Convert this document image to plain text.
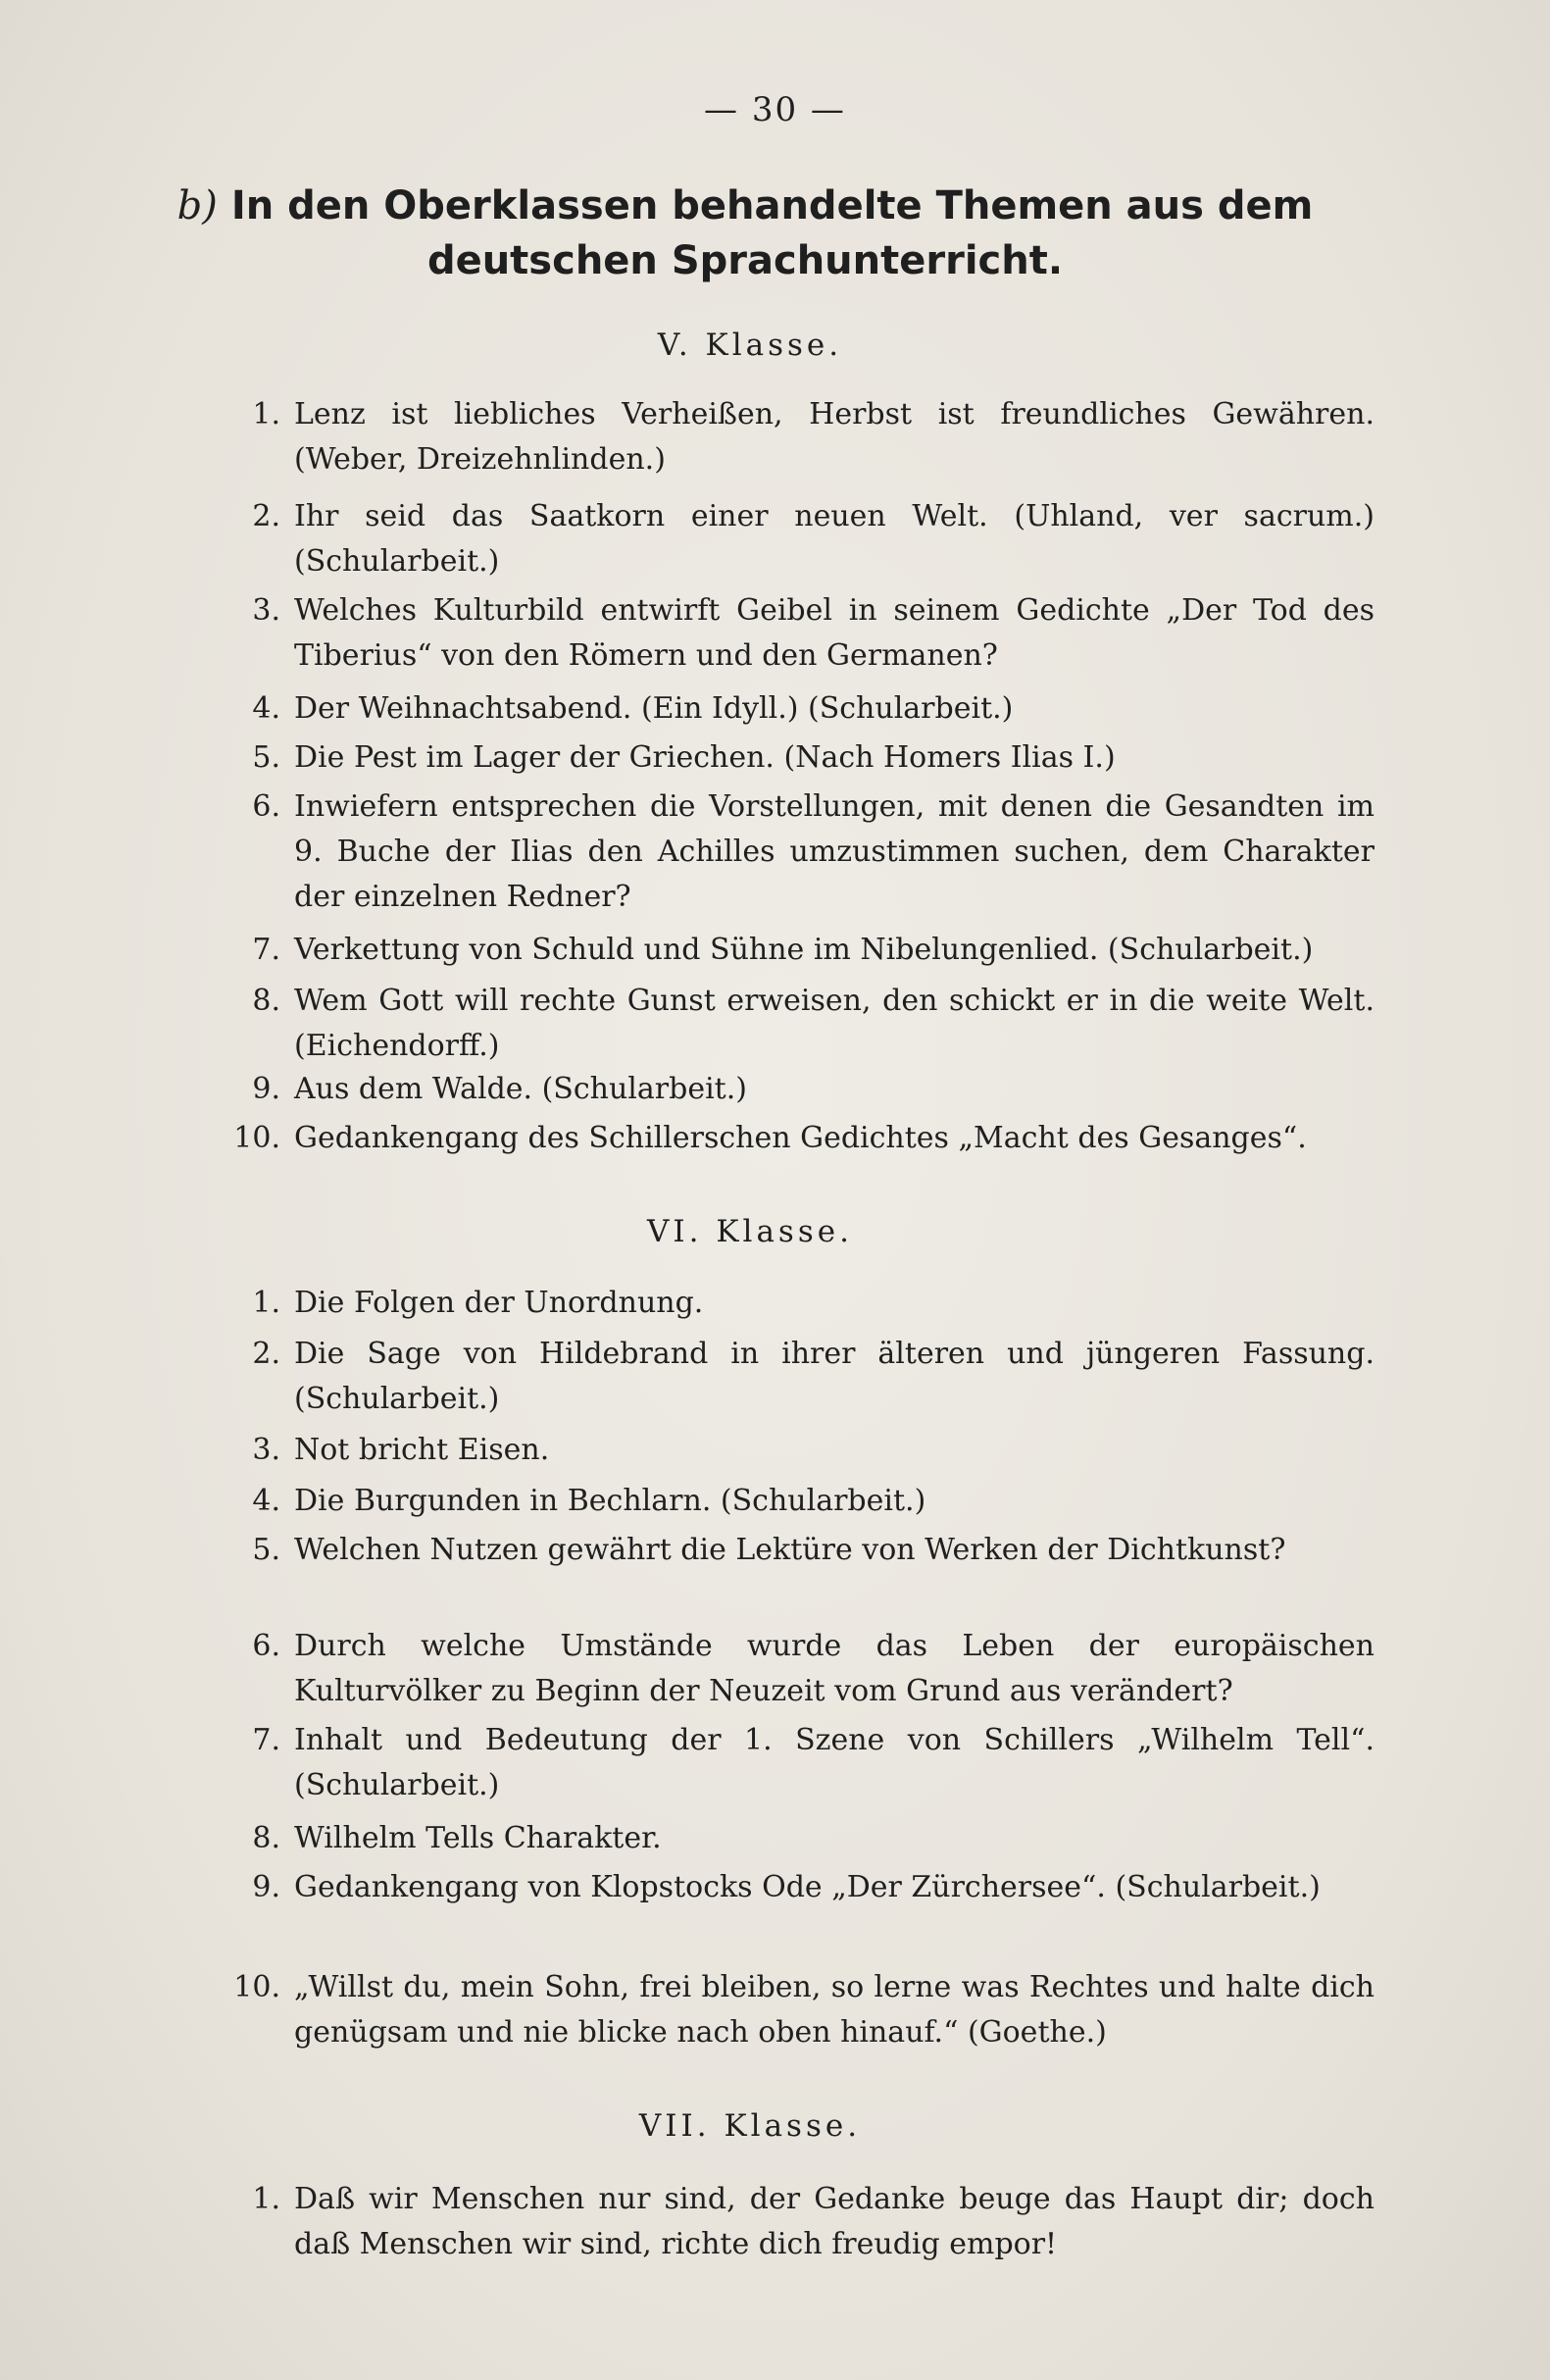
— 30 —
b) In den Oberklassen behandelte Themen aus dem deutschen Sprachunterricht.
V. Klasse.
1. Lenz ist liebliches Verheißen, Herbst ist freundliches Gewähren. (Weber, Dreizehnlinden.)
2. Ihr seid das Saatkorn einer neuen Welt. (Uhland, ver sacrum.) (Schularbeit.)
3. Welches Kulturbild entwirft Geibel in seinem Gedichte „Der Tod des Tiberius“ von den Römern und den Germanen?
4. Der Weihnachtsabend. (Ein Idyll.) (Schularbeit.)
5. Die Pest im Lager der Griechen. (Nach Homers Ilias I.)
6. Inwiefern entsprechen die Vorstellungen, mit denen die Gesandten im 9. Buche der Ilias den Achilles umzustimmen suchen, dem Charakter der einzelnen Redner?
7. Verkettung von Schuld und Sühne im Nibelungenlied. (Schularbeit.)
8. Wem Gott will rechte Gunst erweisen, den schickt er in die weite Welt. (Eichendorff.)
9. Aus dem Walde. (Schularbeit.)
10. Gedankengang des Schillerschen Gedichtes „Macht des Gesanges“.
VI. Klasse.
1. Die Folgen der Unordnung.
2. Die Sage von Hildebrand in ihrer älteren und jüngeren Fassung. (Schularbeit.)
3. Not bricht Eisen.
4. Die Burgunden in Bechlarn. (Schularbeit.)
5. Welchen Nutzen gewährt die Lektüre von Werken der Dichtkunst?
6. Durch welche Umstände wurde das Leben der europäischen Kulturvölker zu Beginn der Neuzeit vom Grund aus verändert?
7. Inhalt und Bedeutung der 1. Szene von Schillers „Wilhelm Tell“. (Schularbeit.)
8. Wilhelm Tells Charakter.
9. Gedankengang von Klopstocks Ode „Der Zürchersee“. (Schularbeit.)
10. „Willst du, mein Sohn, frei bleiben, so lerne was Rechtes und halte dich genügsam und nie blicke nach oben hinauf.“ (Goethe.)
VII. Klasse.
1. Daß wir Menschen nur sind, der Gedanke beuge das Haupt dir; doch daß Menschen wir sind, richte dich freudig empor!
